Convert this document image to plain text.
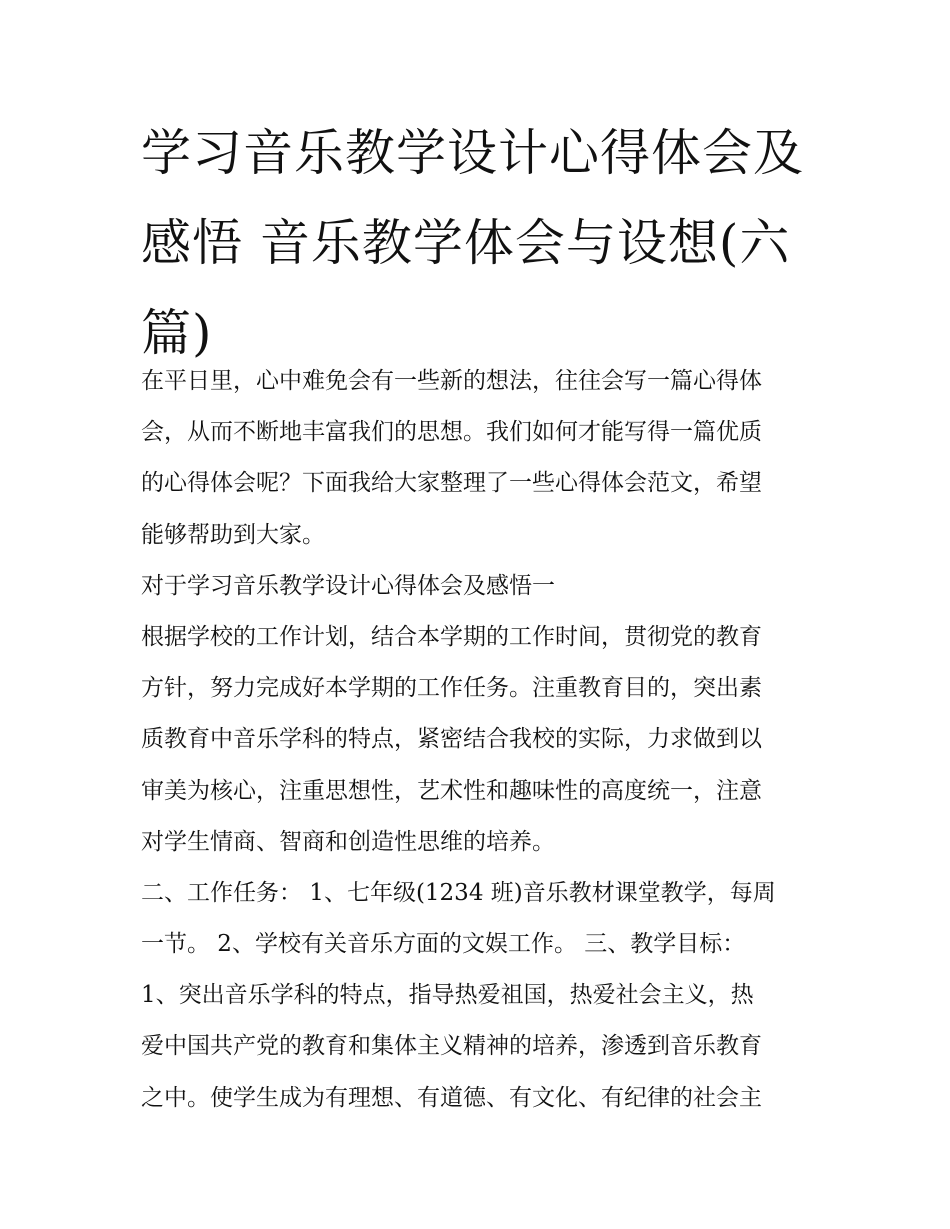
学习音乐教学设计心得体会及
感悟 音乐教学体会与设想(六
篇)
在平日里，心中难免会有一些新的想法，往往会写一篇心得体
会，从而不断地丰富我们的思想。我们如何才能写得一篇优质
的心得体会呢？下面我给大家整理了一些心得体会范文，希望
能够帮助到大家。
对于学习音乐教学设计心得体会及感悟一
根据学校的工作计划，结合本学期的工作时间，贯彻党的教育
方针，努力完成好本学期的工作任务。注重教育目的，突出素
质教育中音乐学科的特点，紧密结合我校的实际，力求做到以
审美为核心，注重思想性，艺术性和趣味性的高度统一，注意
对学生情商、智商和创造性思维的培养。
二、工作任务： 1、七年级(1234 班)音乐教材课堂教学，每周
一节。 2、学校有关音乐方面的文娱工作。 三、教学目标：
1、突出音乐学科的特点，指导热爱祖国，热爱社会主义，热
爱中国共产党的教育和集体主义精神的培养，渗透到音乐教育
之中。使学生成为有理想、有道德、有文化、有纪律的社会主
